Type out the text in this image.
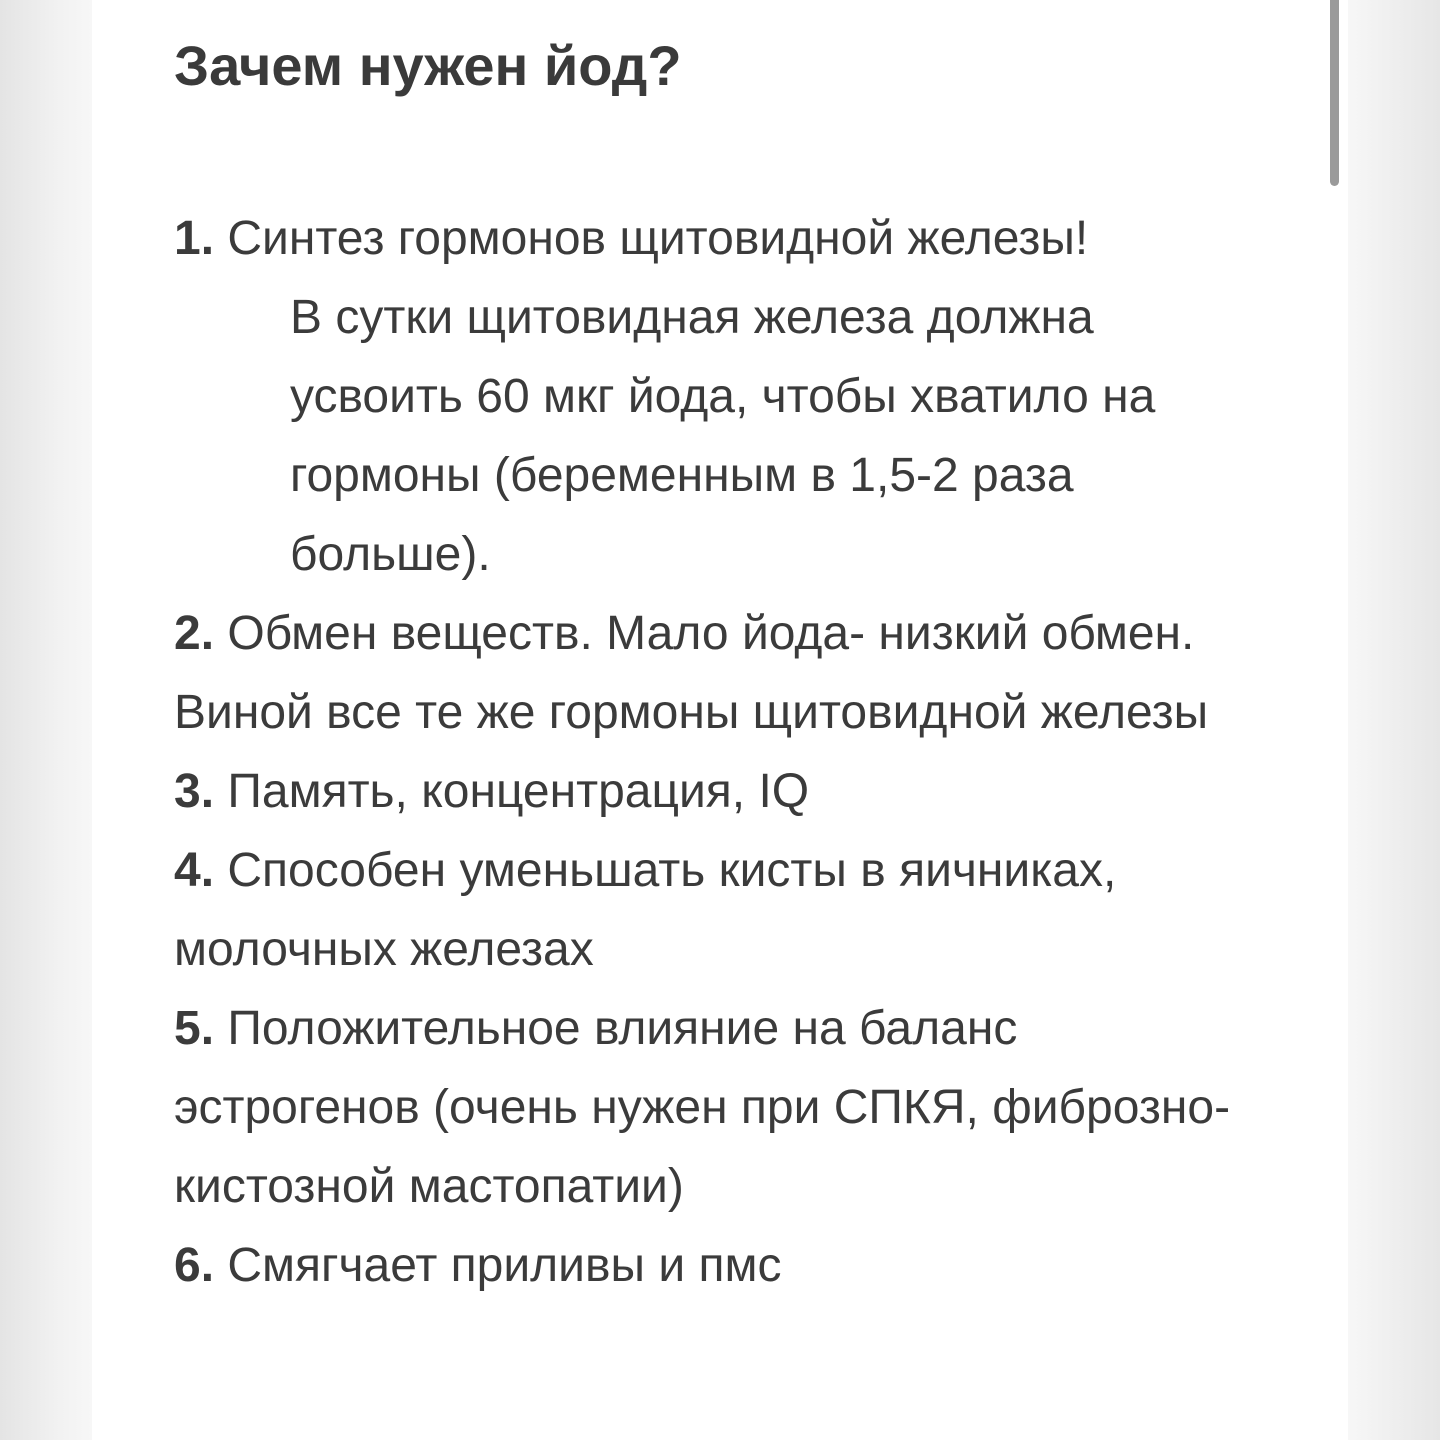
Зачем нужен йод?
1. Синтез гормонов щитовидной железы!
В сутки щитовидная железа должна усвоить 60 мкг йода, чтобы хватило на гормоны (беременным в 1,5-2 раза больше).
2. Обмен веществ. Мало йода- низкий обмен. Виной все те же гормоны щитовидной железы
3. Память, концентрация, IQ
4. Способен уменьшать кисты в яичниках, молочных железах
5. Положительное влияние на баланс эстрогенов (очень нужен при СПКЯ, фиброзно-кистозной мастопатии)
6. Смягчает приливы и пмс
